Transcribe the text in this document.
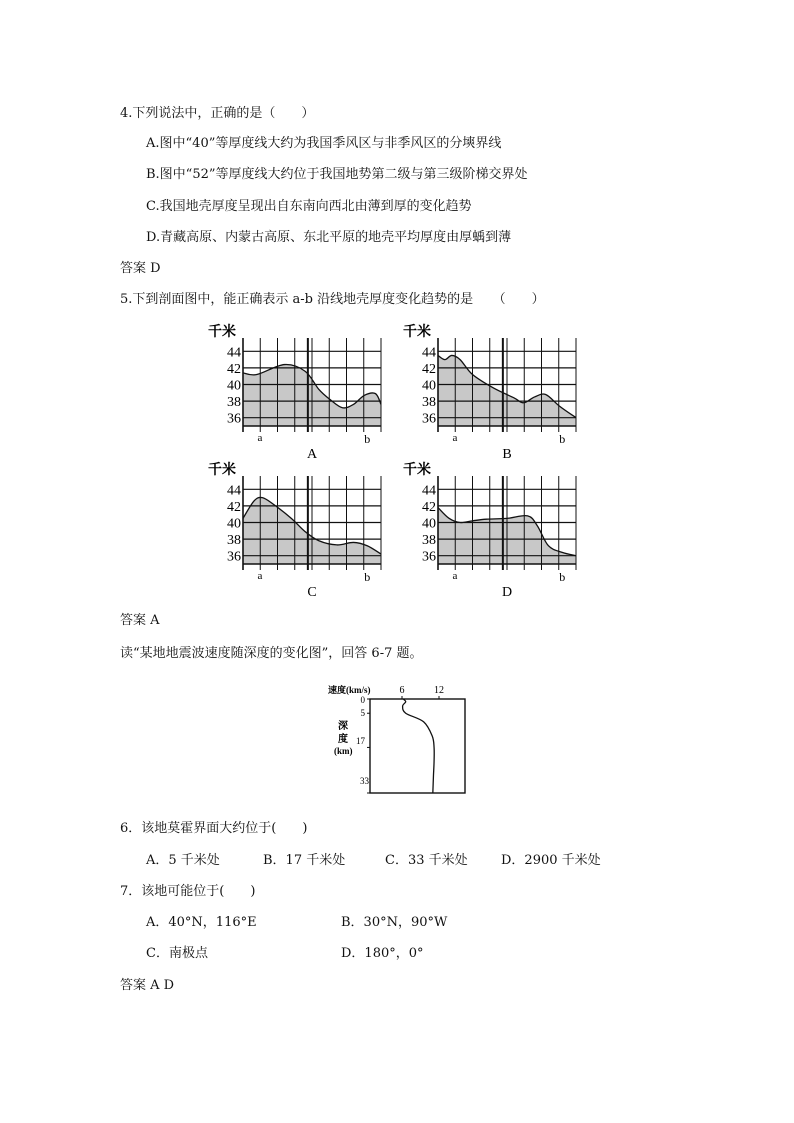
4.下列说法中，正确的是（　　）
A.图中“40”等厚度线大约为我国季风区与非季风区的分塽界线
B.图中“52”等厚度线大约位于我国地势第二级与第三级阶梯交界处
C.我国地壳厚度呈现出自东南向西北由薄到厚的变化趋势
D.青藏高原、内蒙古高原、东北平原的地壳平均厚度由厚蝺到薄
答案 D
5.下到剖面图中，能正确表示 a-b 沿线地壳厚度变化趋势的是　　（　　）
44
42
40
38
36
千米
a	b
A
44
42
40
38
36
千米
a	b
B
44
42
40
38
36
千米
a	b
C
44
42
40
38
36
千米
a	b
D
答案 A
读“某地地震波速度随深度的变化图”，回答 6-7 题。
速度(km/s)	6	12
0
5
17
33
深
度
(km)
6．该地莫霍界面大约位于(　　)
A．5 千米处	B．17 千米处	C．33 千米处	D．2900 千米处
7．该地可能位于(　　)
A．40°N，116°E	B．30°N，90°W
C．南极点	D．180°，0°
答案 A D
